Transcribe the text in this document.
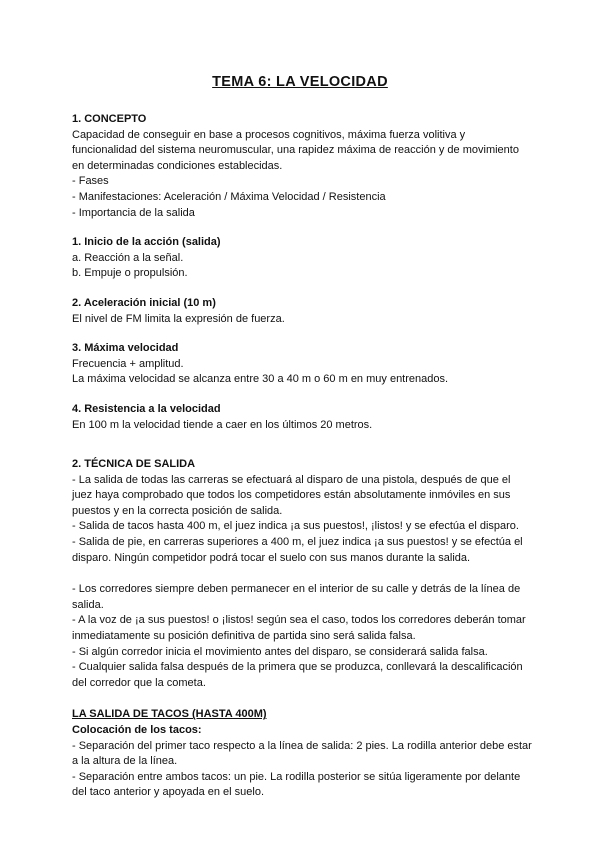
TEMA 6: LA VELOCIDAD

1. CONCEPTO

Capacidad de conseguir en base a procesos cognitivos, máxima fuerza volitiva y funcionalidad del sistema neuromuscular, una rapidez máxima de reacción y de movimiento en determinadas condiciones establecidas.

- Fases

- Manifestaciones: Aceleración / Máxima Velocidad / Resistencia

- Importancia de la salida

1. Inicio de la acción (salida)

a. Reacción a la señal.

b. Empuje o propulsión.

2. Aceleración inicial (10 m)

El nivel de FM limita la expresión de fuerza.

3. Máxima velocidad

Frecuencia + amplitud.

La máxima velocidad se alcanza entre 30 a 40 m o 60 m en muy entrenados.

4. Resistencia a la velocidad

En 100 m la velocidad tiende a caer en los últimos 20 metros.

2. TÉCNICA DE SALIDA

- La salida de todas las carreras se efectuará al disparo de una pistola, después de que el juez haya comprobado que todos los competidores están absolutamente inmóviles en sus puestos y en la correcta posición de salida.

- Salida de tacos hasta 400 m, el juez indica ¡a sus puestos!, ¡listos! y se efectúa el disparo.

- Salida de pie, en carreras superiores a 400 m, el juez indica ¡a sus puestos! y se efectúa el disparo. Ningún competidor podrá tocar el suelo con sus manos durante la salida.

- Los corredores siempre deben permanecer en el interior de su calle y detrás de la línea de salida.

- A la voz de ¡a sus puestos! o ¡listos! según sea el caso, todos los corredores deberán tomar inmediatamente su posición definitiva de partida sino será salida falsa.

- Si algún corredor inicia el movimiento antes del disparo, se considerará salida falsa.

- Cualquier salida falsa después de la primera que se produzca, conllevará la descalificación del corredor que la cometa.

LA SALIDA DE TACOS (HASTA 400M)

Colocación de los tacos:

- Separación del primer taco respecto a la línea de salida: 2 pies. La rodilla anterior debe estar a la altura de la línea.

- Separación entre ambos tacos: un pie. La rodilla posterior se sitúa ligeramente por delante del taco anterior y apoyada en el suelo.
